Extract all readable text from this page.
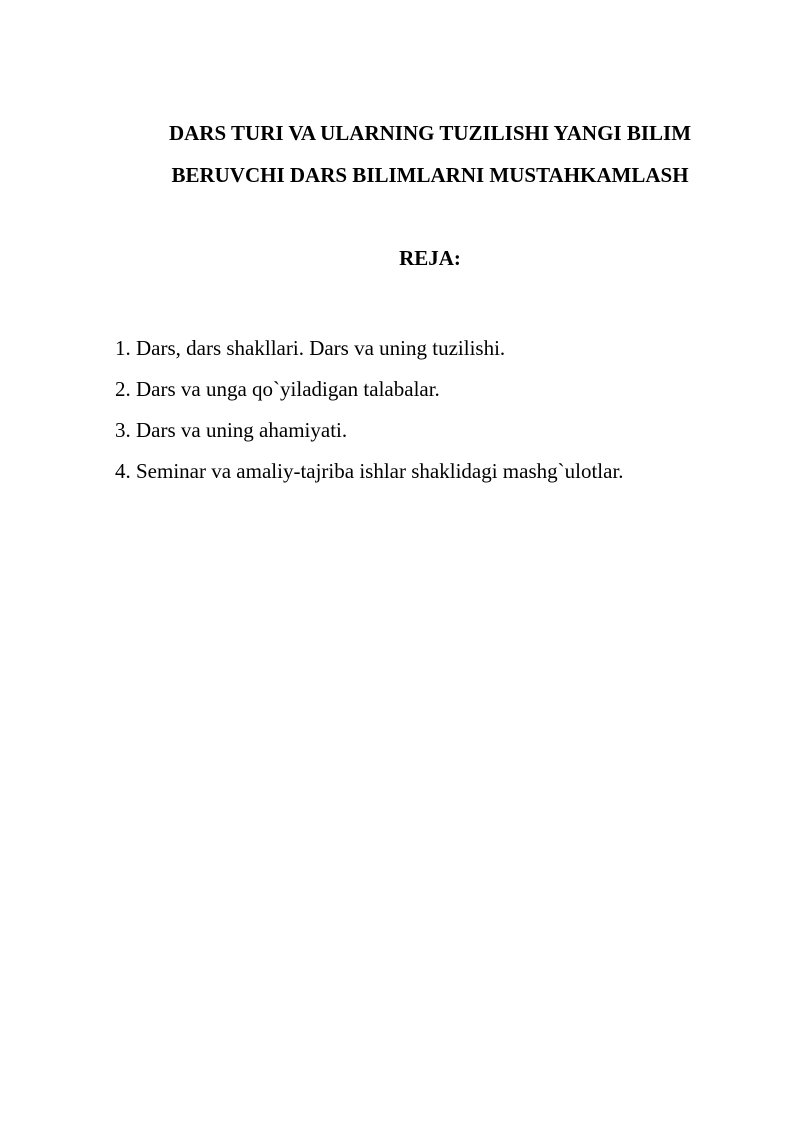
DARS TURI VA ULARNING TUZILISHI YANGI BILIM
BERUVCHI DARS BILIMLARNI MUSTAHKAMLASH
REJA:
1. Dars, dars shakllari. Dars va uning tuzilishi.
2. Dars va unga qo`yiladigan talabalar.
3. Dars va uning ahamiyati.
4. Seminar va amaliy-tajriba ishlar shaklidagi mashg`ulotlar.
